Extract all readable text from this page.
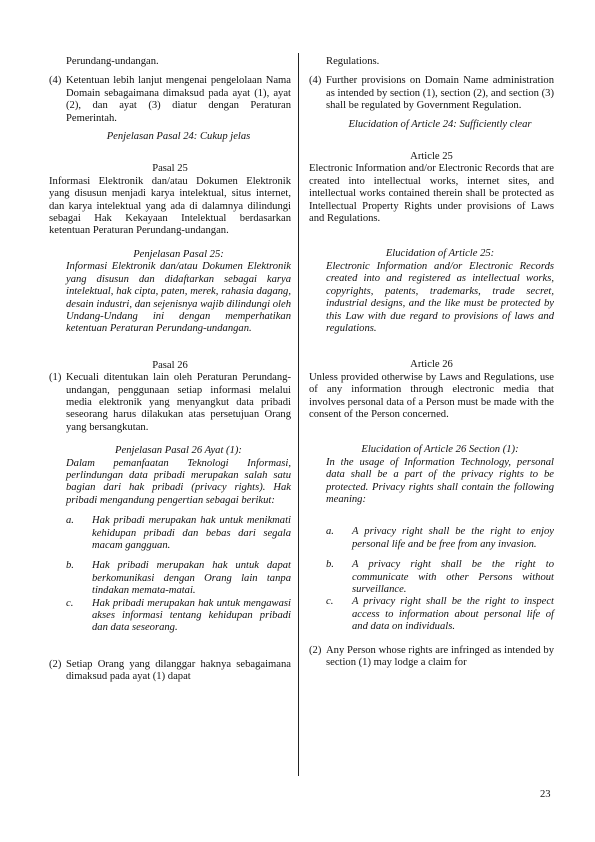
Perundang-undangan.

(4) Ketentuan lebih lanjut mengenai pengelolaan Nama Domain sebagaimana dimaksud pada ayat (1), ayat (2), dan ayat (3) diatur dengan Peraturan Pemerintah.

Penjelasan Pasal 24: Cukup jelas

Pasal 25

Informasi Elektronik dan/atau Dokumen Elektronik yang disusun menjadi karya intelektual, situs internet, dan karya intelektual yang ada di dalamnya dilindungi sebagai Hak Kekayaan Intelektual berdasarkan ketentuan Peraturan Perundang-undangan.

Penjelasan Pasal 25:

Informasi Elektronik dan/atau Dokumen Elektronik yang disusun dan didaftarkan sebagai karya intelektual, hak cipta, paten, merek, rahasia dagang, desain industri, dan sejenisnya wajib dilindungi oleh Undang-Undang ini dengan memperhatikan ketentuan Peraturan Perundang-undangan.

Pasal 26

(1) Kecuali ditentukan lain oleh Peraturan Perundang-undangan, penggunaan setiap informasi melalui media elektronik yang menyangkut data pribadi seseorang harus dilakukan atas persetujuan Orang yang bersangkutan.

Penjelasan Pasal 26 Ayat (1):

Dalam pemanfaatan Teknologi Informasi, perlindungan data pribadi merupakan salah satu bagian dari hak pribadi (privacy rights). Hak pribadi mengandung pengertian sebagai berikut:

a. Hak pribadi merupakan hak untuk menikmati kehidupan pribadi dan bebas dari segala macam gangguan.
b. Hak pribadi merupakan hak untuk dapat berkomunikasi dengan Orang lain tanpa tindakan memata-matai.
c. Hak pribadi merupakan hak untuk mengawasi akses informasi tentang kehidupan pribadi dan data seseorang.
(2) Setiap Orang yang dilanggar haknya sebagaimana dimaksud pada ayat (1) dapat

Regulations.

(4) Further provisions on Domain Name administration as intended by section (1), section (2), and section (3) shall be regulated by Government Regulation.

Elucidation of Article 24: Sufficiently clear

Article 25

Electronic Information and/or Electronic Records that are created into intellectual works, internet sites, and intellectual works contained therein shall be protected as Intellectual Property Rights under provisions of Laws and Regulations.

Elucidation of Article 25:

Electronic Information and/or Electronic Records created into and registered as intellectual works, copyrights, patents, trademarks, trade secret, industrial designs, and the like must be protected by this Law with due regard to provisions of laws and regulations.

Article 26

Unless provided otherwise by Laws and Regulations, use of any information through electronic media that involves personal data of a Person must be made with the consent of the Person concerned.

Elucidation of Article 26 Section (1):

In the usage of Information Technology, personal data shall be a part of the privacy rights to be protected. Privacy rights shall contain the following meaning:

a. A privacy right shall be the right to enjoy personal life and be free from any invasion.
b. A privacy right shall be the right to communicate with other Persons without surveillance.
c. A privacy right shall be the right to inspect access to information about personal life of and data on individuals.
(2) Any Person whose rights are infringed as intended by section (1) may lodge a claim for
23
